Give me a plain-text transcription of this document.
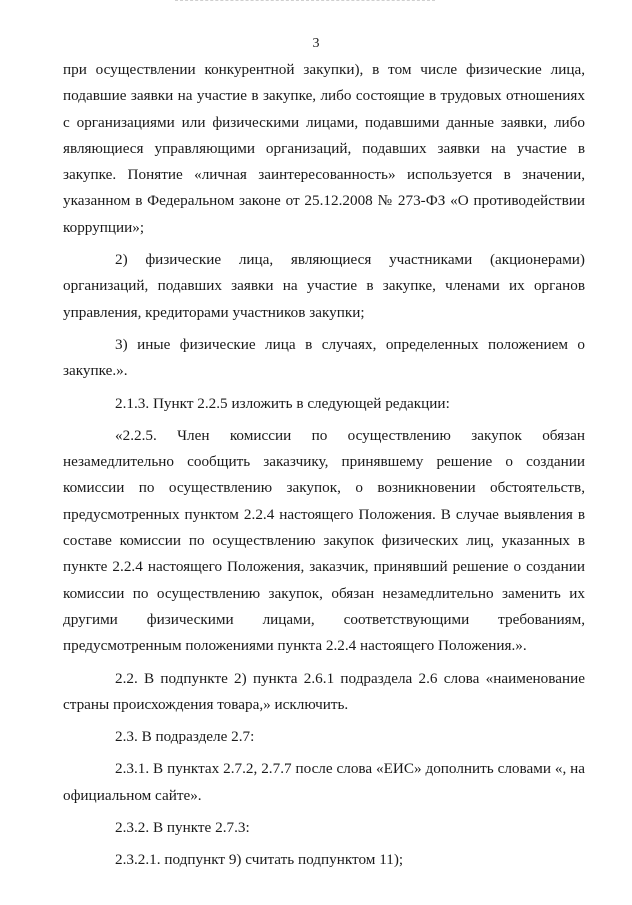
3

при осуществлении конкурентной закупки), в том числе физические лица, подавшие заявки на участие в закупке, либо состоящие в трудовых отношениях с организациями или физическими лицами, подавшими данные заявки, либо являющиеся управляющими организаций, подавших заявки на участие в закупке. Понятие «личная заинтересованность» используется в значении, указанном в Федеральном законе от 25.12.2008 № 273-ФЗ «О противодействии коррупции»;

2) физические лица, являющиеся участниками (акционерами) организаций, подавших заявки на участие в закупке, членами их органов управления, кредиторами участников закупки;

3) иные физические лица в случаях, определенных положением о закупке.».

2.1.3. Пункт 2.2.5 изложить в следующей редакции:

«2.2.5. Член комиссии по осуществлению закупок обязан незамедлительно сообщить заказчику, принявшему решение о создании комиссии по осуществлению закупок, о возникновении обстоятельств, предусмотренных пунктом 2.2.4 настоящего Положения. В случае выявления в составе комиссии по осуществлению закупок физических лиц, указанных в пункте 2.2.4 настоящего Положения, заказчик, принявший решение о создании комиссии по осуществлению закупок, обязан незамедлительно заменить их другими физическими лицами, соответствующими требованиям, предусмотренным положениями пункта 2.2.4 настоящего Положения.».

2.2. В подпункте 2) пункта 2.6.1 подраздела 2.6 слова «наименование страны происхождения товара,» исключить.

2.3. В подразделе 2.7:

2.3.1. В пунктах 2.7.2, 2.7.7 после слова «ЕИС» дополнить словами «, на официальном сайте».

2.3.2. В пункте 2.7.3:

2.3.2.1. подпункт 9) считать подпунктом 11);
